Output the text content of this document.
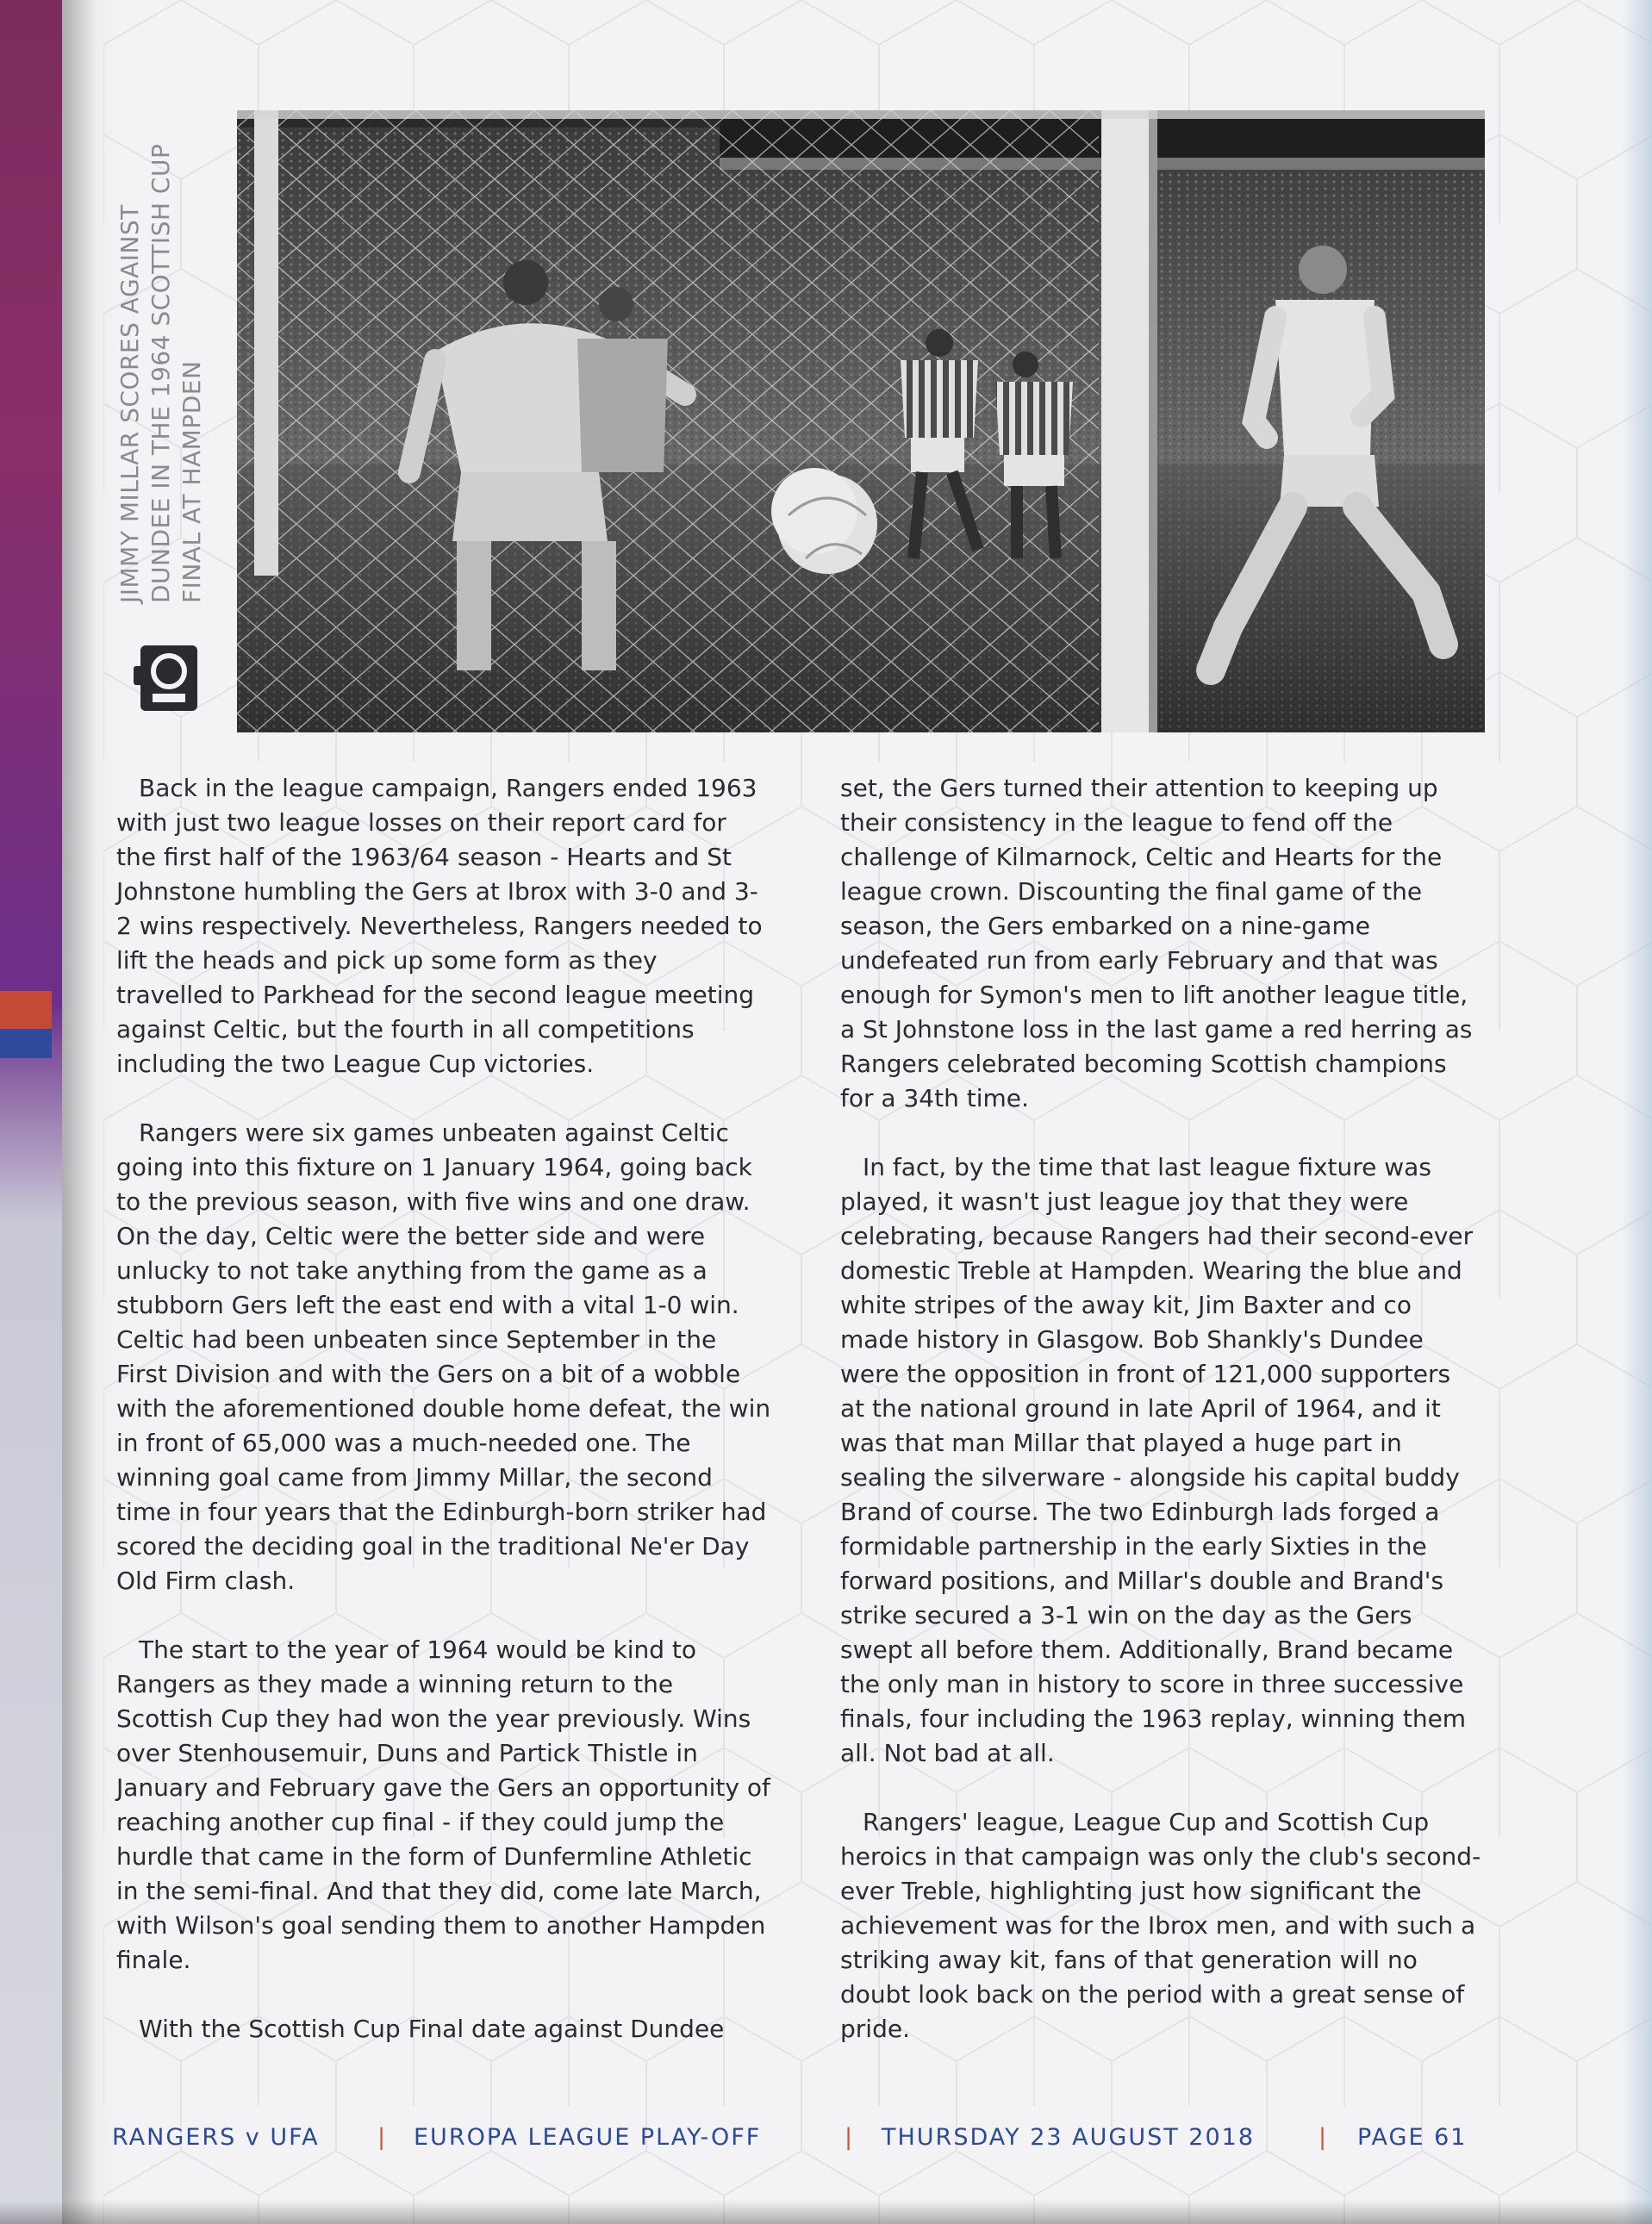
JIMMY MILLAR SCORES AGAINST DUNDEE IN THE 1964 SCOTTISH CUP FINAL AT HAMPDEN

Back in the league campaign, Rangers ended 1963 with just two league losses on their report card for the first half of the 1963/64 season - Hearts and St Johnstone humbling the Gers at Ibrox with 3-0 and 3-2 wins respectively. Nevertheless, Rangers needed to lift the heads and pick up some form as they travelled to Parkhead for the second league meeting against Celtic, but the fourth in all competitions including the two League Cup victories.

Rangers were six games unbeaten against Celtic going into this fixture on 1 January 1964, going back to the previous season, with five wins and one draw. On the day, Celtic were the better side and were unlucky to not take anything from the game as a stubborn Gers left the east end with a vital 1-0 win. Celtic had been unbeaten since September in the First Division and with the Gers on a bit of a wobble with the aforementioned double home defeat, the win in front of 65,000 was a much-needed one. The winning goal came from Jimmy Millar, the second time in four years that the Edinburgh-born striker had scored the deciding goal in the traditional Ne'er Day Old Firm clash.

The start to the year of 1964 would be kind to Rangers as they made a winning return to the Scottish Cup they had won the year previously. Wins over Stenhousemuir, Duns and Partick Thistle in January and February gave the Gers an opportunity of reaching another cup final - if they could jump the hurdle that came in the form of Dunfermline Athletic in the semi-final. And that they did, come late March, with Wilson's goal sending them to another Hampden finale.

With the Scottish Cup Final date against Dundee

set, the Gers turned their attention to keeping up their consistency in the league to fend off the challenge of Kilmarnock, Celtic and Hearts for the league crown. Discounting the final game of the season, the Gers embarked on a nine-game undefeated run from early February and that was enough for Symon's men to lift another league title, a St Johnstone loss in the last game a red herring as Rangers celebrated becoming Scottish champions for a 34th time.

In fact, by the time that last league fixture was played, it wasn't just league joy that they were celebrating, because Rangers had their second-ever domestic Treble at Hampden. Wearing the blue and white stripes of the away kit, Jim Baxter and co made history in Glasgow. Bob Shankly's Dundee were the opposition in front of 121,000 supporters at the national ground in late April of 1964, and it was that man Millar that played a huge part in sealing the silverware - alongside his capital buddy Brand of course. The two Edinburgh lads forged a formidable partnership in the early Sixties in the forward positions, and Millar's double and Brand's strike secured a 3-1 win on the day as the Gers swept all before them. Additionally, Brand became the only man in history to score in three successive finals, four including the 1963 replay, winning them all. Not bad at all.

Rangers' league, League Cup and Scottish Cup heroics in that campaign was only the club's second-ever Treble, highlighting just how significant the achievement was for the Ibrox men, and with such a striking away kit, fans of that generation will no doubt look back on the period with a great sense of pride.

RANGERS v UFA | EUROPA LEAGUE PLAY-OFF	| THURSDAY 23 AUGUST 2018	| PAGE 61
